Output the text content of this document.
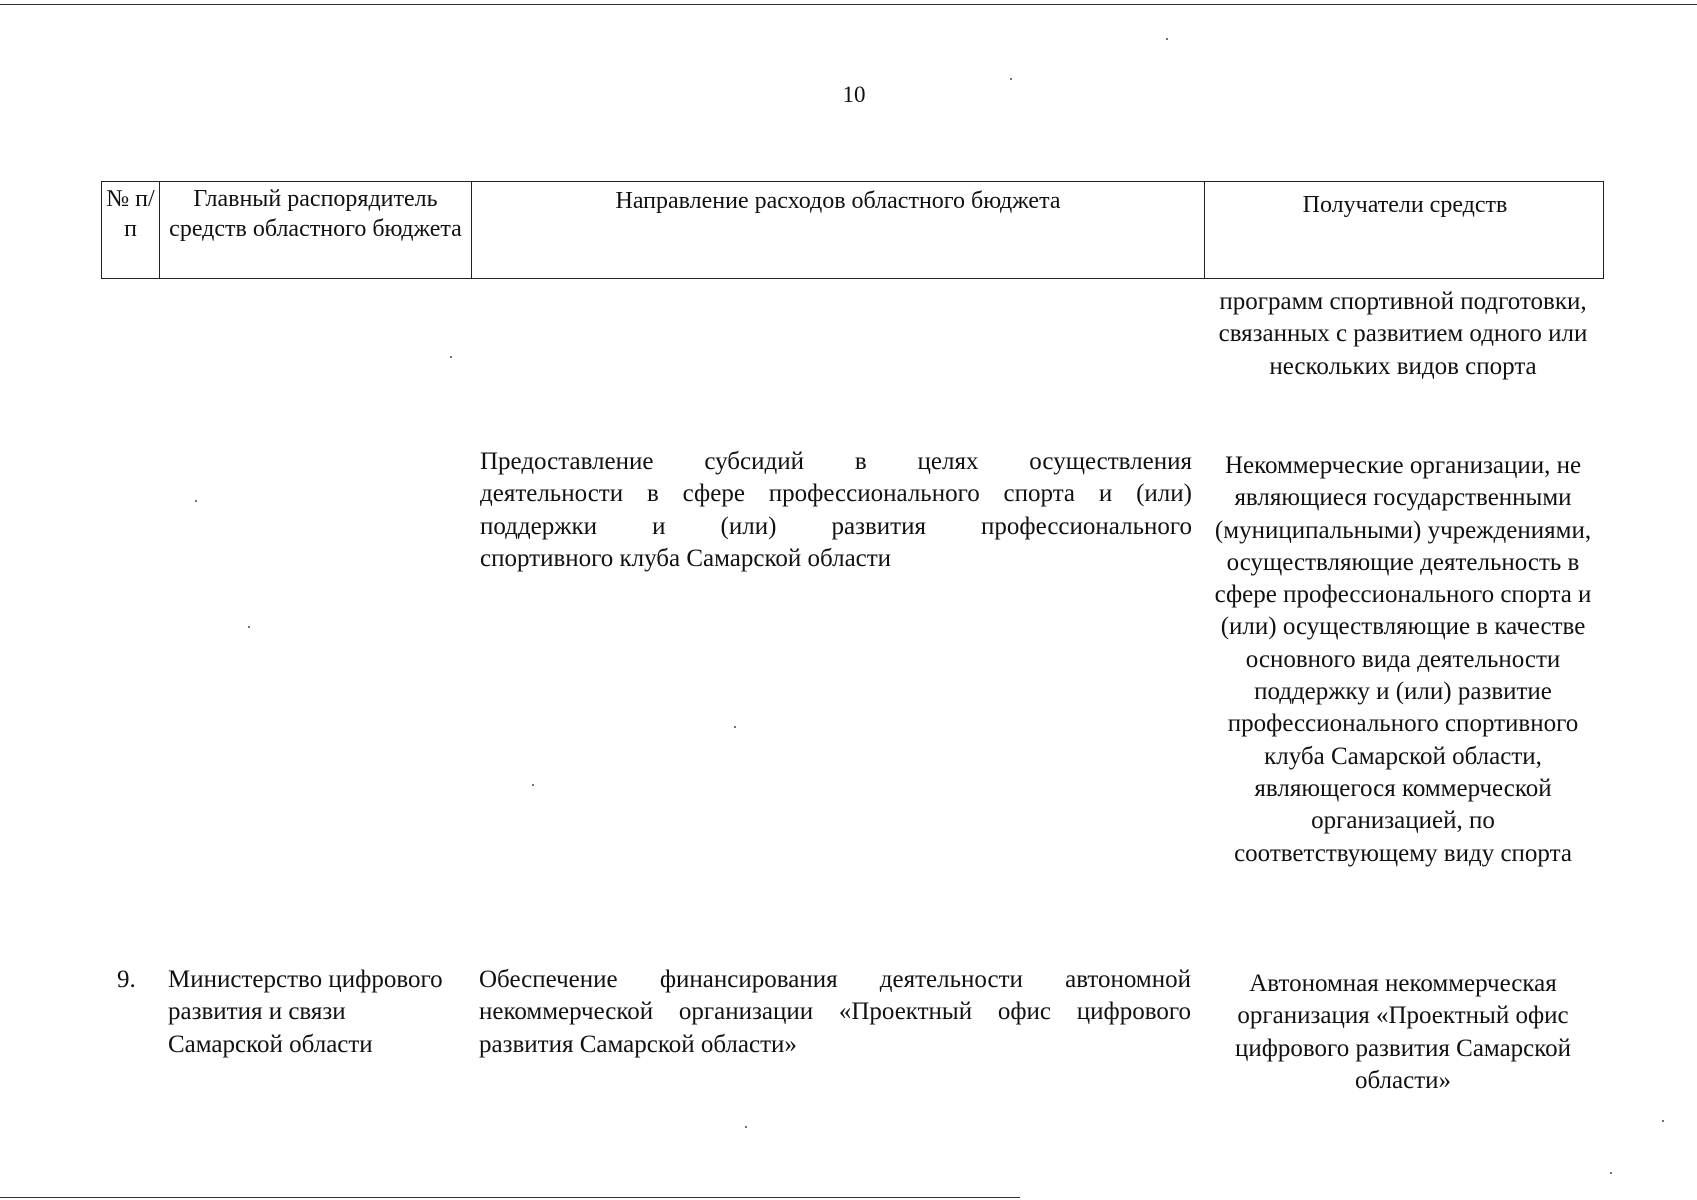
10
№ п/п
Главный распорядитель средств областного бюджета
Направление расходов областного бюджета	Получатели средств
программ спортивной подготовки, связанных с развитием одного или нескольких видов спорта
Предоставление субсидий в целях осуществления
деятельности в сфере профессионального спорта и (или)
поддержки и (или) развития профессионального
спортивного клуба Самарской области
Некоммерческие организации, не являющиеся государственными (муниципальными) учреждениями, осуществляющие деятельность в сфере профессионального спорта и (или) осуществляющие в качестве основного вида деятельности поддержку и (или) развитие профессионального спортивного клуба Самарской области, являющегося коммерческой организацией, по соответствующему виду спорта
9.	Министерство цифрового развития и связи Самарской области
Обеспечение финансирования деятельности автономной
некоммерческой организации «Проектный офис цифрового
развития Самарской области»
Автономная некоммерческая организация «Проектный офис цифрового развития Самарской области»
